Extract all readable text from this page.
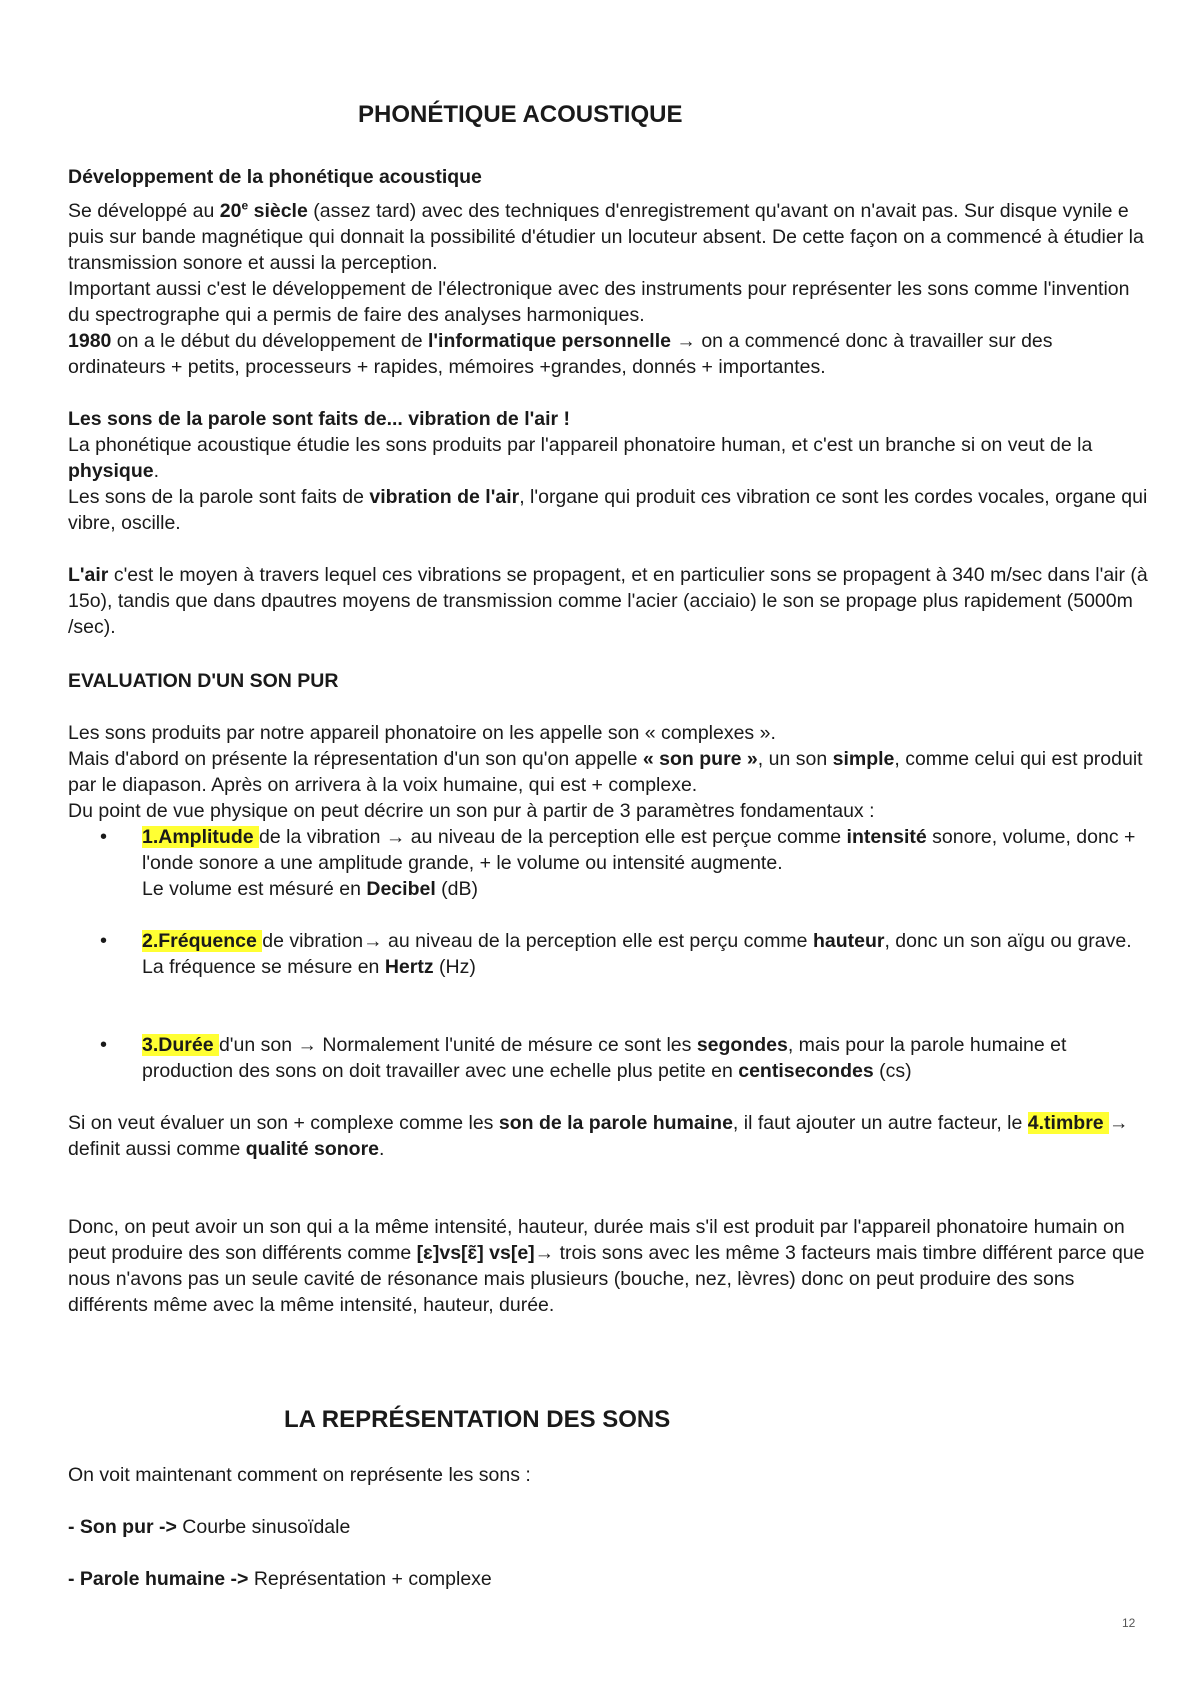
PHONÉTIQUE ACOUSTIQUE

Développement de la phonétique acoustique

Se développé au 20e siècle (assez tard) avec des techniques d'enregistrement qu'avant on n'avait pas. Sur disque vynile e puis sur bande magnétique qui donnait la possibilité d'étudier un locuteur absent. De cette façon on a commencé à étudier la transmission sonore et aussi la perception.

Important aussi c'est le développement de l'électronique avec des instruments pour représenter les sons comme l'invention du spectrographe qui a permis de faire des analyses harmoniques.

1980 on a le début du développement de l'informatique personnelle → on a commencé donc à travailler sur des ordinateurs + petits, processeurs + rapides, mémoires +grandes, donnés + importantes.

Les sons de la parole sont faits de... vibration de l'air !

La phonétique acoustique étudie les sons produits par l'appareil phonatoire human, et c'est un branche si on veut de la physique.

Les sons de la parole sont faits de vibration de l'air, l'organe qui produit ces vibration ce sont les cordes vocales, organe qui vibre, oscille.

L'air c'est le moyen à travers lequel ces vibrations se propagent, et en particulier sons se propagent à 340 m/sec dans l'air (à 15o), tandis que dans dpautres moyens de transmission comme l'acier (acciaio) le son se propage plus rapidement (5000m /sec).

EVALUATION D'UN SON PUR

Les sons produits par notre appareil phonatoire on les appelle son « complexes ».

Mais d'abord on présente la répresentation d'un son qu'on appelle « son pure », un son simple, comme celui qui est produit par le diapason. Après on arrivera à la voix humaine, qui est + complexe.

Du point de vue physique on peut décrire un son pur à partir de 3 paramètres fondamentaux :

• 1.Amplitude de la vibration → au niveau de la perception elle est perçue comme intensité sonore, volume, donc + l'onde sonore a une amplitude grande, + le volume ou intensité augmente.
Le volume est mésuré en Decibel (dB)
• 2.Fréquence de vibration→ au niveau de la perception elle est perçu comme hauteur, donc un son aïgu ou grave. La fréquence se mésure en Hertz (Hz)
• 3.Durée d'un son → Normalement l'unité de mésure ce sont les segondes, mais pour la parole humaine et production des sons on doit travailler avec une echelle plus petite en centisecondes (cs)

Si on veut évaluer un son + complexe comme les son de la parole humaine, il faut ajouter un autre facteur, le 4.timbre → definit aussi comme qualité sonore.

Donc, on peut avoir un son qui a la même intensité, hauteur, durée mais s'il est produit par l'appareil phonatoire humain on peut produire des son différents comme [ɛ]vs[ɛ̃] vs[e]→ trois sons avec les même 3 facteurs mais timbre différent parce que nous n'avons pas un seule cavité de résonance mais plusieurs (bouche, nez, lèvres) donc on peut produire des sons différents même avec la même intensité, hauteur, durée.

LA REPRÉSENTATION DES SONS

On voit maintenant comment on représente les sons :

- Son pur -> Courbe sinusoïdale

- Parole humaine -> Représentation + complexe

12
